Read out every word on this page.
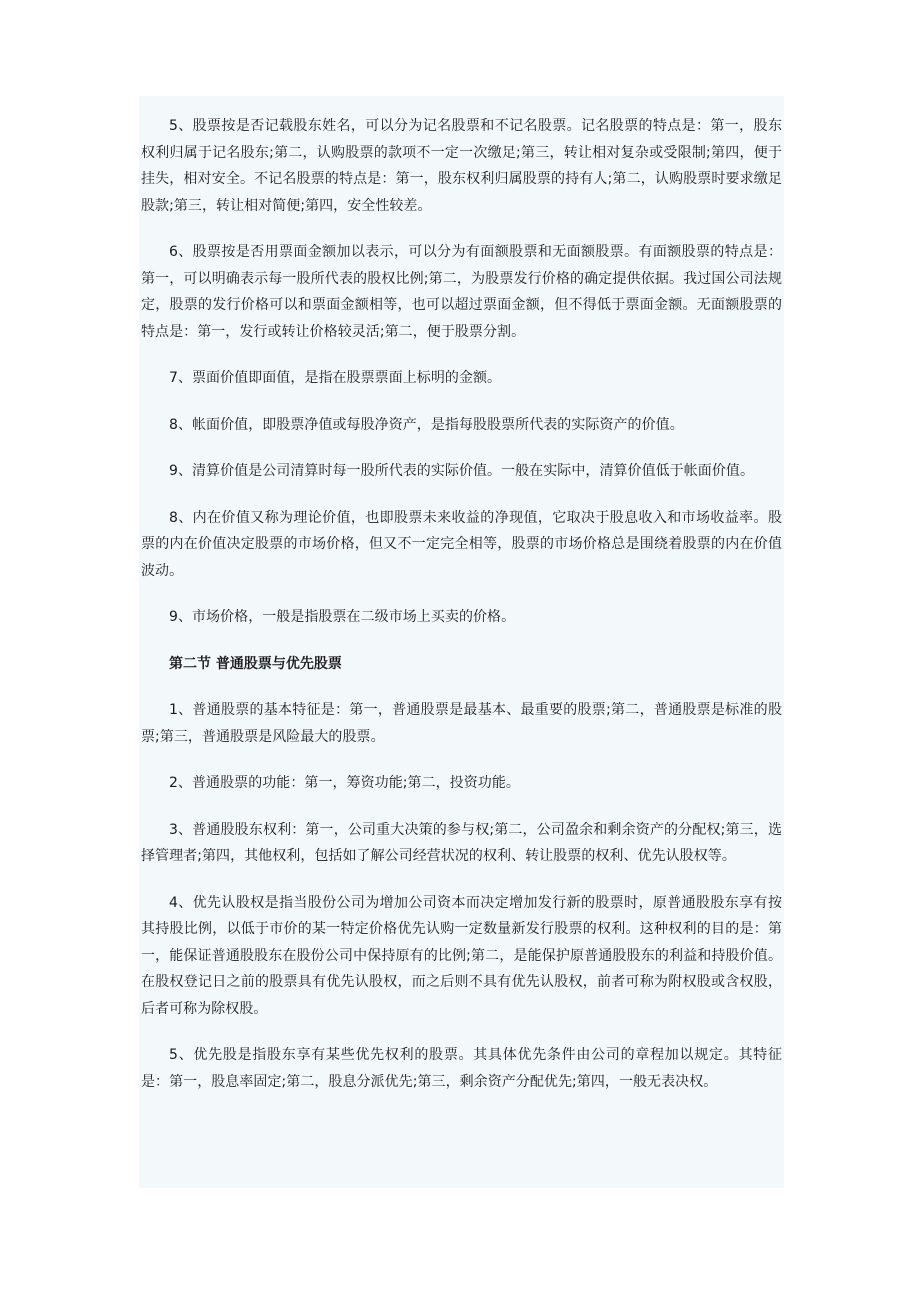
5、股票按是否记载股东姓名，可以分为记名股票和不记名股票。记名股票的特点是：第一，股东权利归属于记名股东;第二，认购股票的款项不一定一次缴足;第三，转让相对复杂或受限制;第四，便于挂失，相对安全。不记名股票的特点是：第一，股东权利归属股票的持有人;第二，认购股票时要求缴足股款;第三，转让相对简便;第四，安全性较差。

6、股票按是否用票面金额加以表示，可以分为有面额股票和无面额股票。有面额股票的特点是：第一，可以明确表示每一股所代表的股权比例;第二，为股票发行价格的确定提供依据。我过国公司法规定，股票的发行价格可以和票面金额相等，也可以超过票面金额，但不得低于票面金额。无面额股票的特点是：第一，发行或转让价格较灵活;第二，便于股票分割。

7、票面价值即面值，是指在股票票面上标明的金额。

8、帐面价值，即股票净值或每股净资产，是指每股股票所代表的实际资产的价值。

9、清算价值是公司清算时每一股所代表的实际价值。一般在实际中，清算价值低于帐面价值。

8、内在价值又称为理论价值，也即股票未来收益的净现值，它取决于股息收入和市场收益率。股票的内在价值决定股票的市场价格，但又不一定完全相等，股票的市场价格总是围绕着股票的内在价值波动。

9、市场价格，一般是指股票在二级市场上买卖的价格。

第二节 普通股票与优先股票

1、普通股票的基本特征是：第一，普通股票是最基本、最重要的股票;第二，普通股票是标准的股票;第三，普通股票是风险最大的股票。

2、普通股票的功能：第一，筹资功能;第二，投资功能。

3、普通股股东权利：第一，公司重大决策的参与权;第二，公司盈余和剩余资产的分配权;第三，选择管理者;第四，其他权利，包括如了解公司经营状况的权利、转让股票的权利、优先认股权等。

4、优先认股权是指当股份公司为增加公司资本而决定增加发行新的股票时，原普通股股东享有按其持股比例，以低于市价的某一特定价格优先认购一定数量新发行股票的权利。这种权利的目的是：第一，能保证普通股股东在股份公司中保持原有的比例;第二，是能保护原普通股股东的利益和持股价值。在股权登记日之前的股票具有优先认股权，而之后则不具有优先认股权，前者可称为附权股或含权股，后者可称为除权股。

5、优先股是指股东享有某些优先权利的股票。其具体优先条件由公司的章程加以规定。其特征是：第一，股息率固定;第二，股息分派优先;第三，剩余资产分配优先;第四，一般无表决权。
